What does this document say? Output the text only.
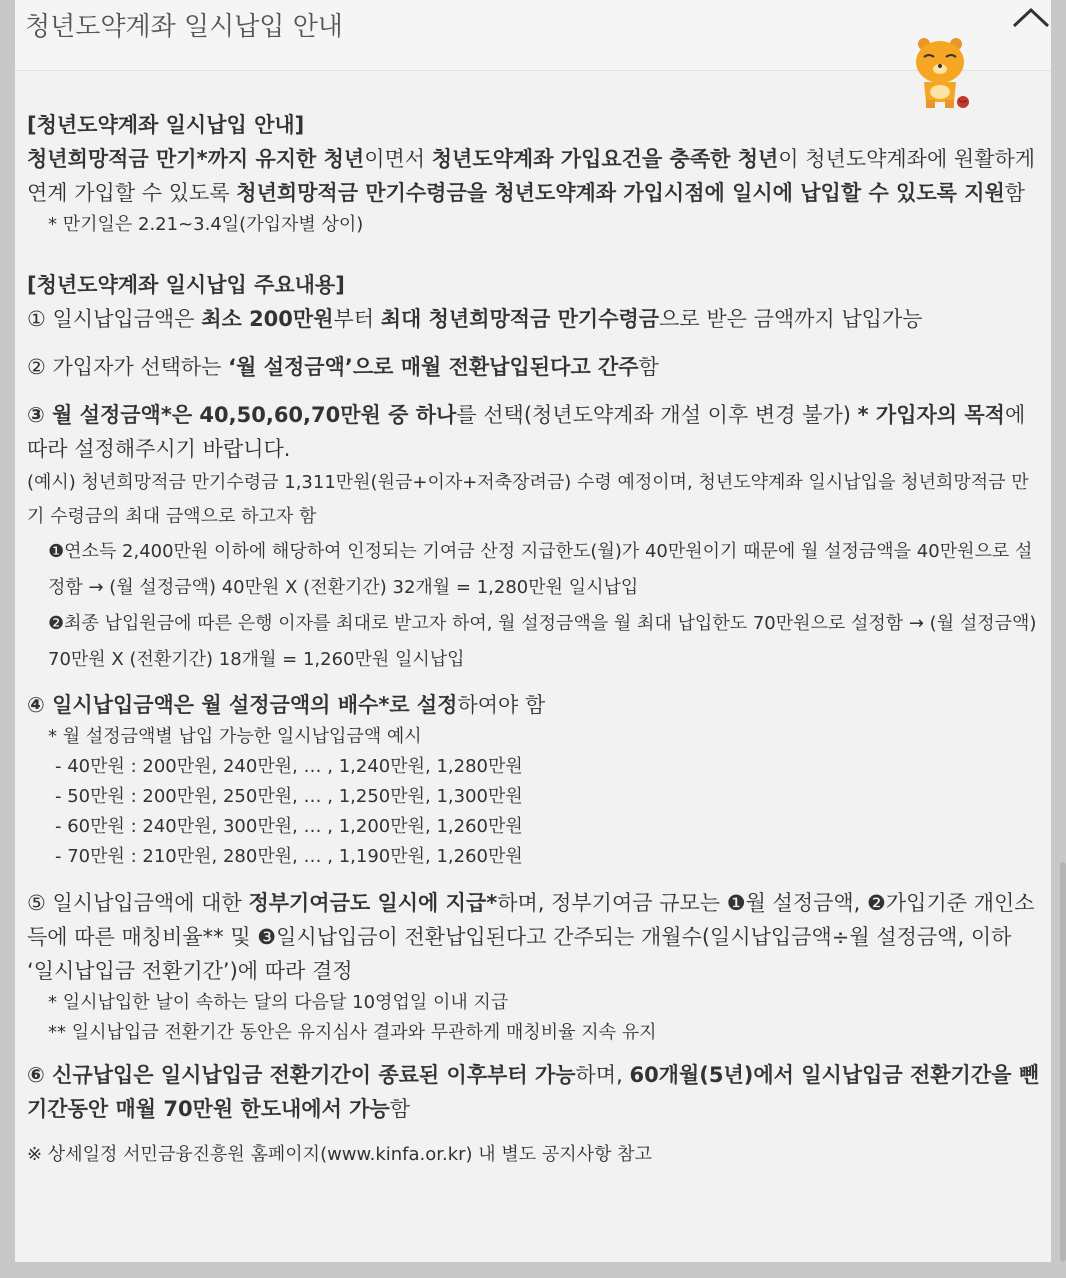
청년도약계좌 일시납입 안내

[청년도약계좌 일시납입 안내]

청년희망적금 만기*까지 유지한 청년이면서 청년도약계좌 가입요건을 충족한 청년이 청년도약계좌에 원활하게 연계 가입할 수 있도록 청년희망적금 만기수령금을 청년도약계좌 가입시점에 일시에 납입할 수 있도록 지원함

* 만기일은 2.21~3.4일(가입자별 상이)

[청년도약계좌 일시납입 주요내용]

① 일시납입금액은 최소 200만원부터 최대 청년희망적금 만기수령금으로 받은 금액까지 납입가능

② 가입자가 선택하는 ‘월 설정금액’으로 매월 전환납입된다고 간주함

③ 월 설정금액*은 40,50,60,70만원 중 하나를 선택(청년도약계좌 개설 이후 변경 불가) * 가입자의 목적에 따라 설정해주시기 바랍니다.

(예시) 청년희망적금 만기수령금 1,311만원(원금+이자+저축장려금) 수령 예정이며, 청년도약계좌 일시납입을 청년희망적금 만기 수령금의 최대 금액으로 하고자 함

❶연소득 2,400만원 이하에 해당하여 인정되는 기여금 산정 지급한도(월)가 40만원이기 때문에 월 설정금액을 40만원으로 설정함 → (월 설정금액) 40만원 X (전환기간) 32개월 = 1,280만원 일시납입

❷최종 납입원금에 따른 은행 이자를 최대로 받고자 하여, 월 설정금액을 월 최대 납입한도 70만원으로 설정함 → (월 설정금액) 70만원 X (전환기간) 18개월 = 1,260만원 일시납입

④ 일시납입금액은 월 설정금액의 배수*로 설정하여야 함

* 월 설정금액별 납입 가능한 일시납입금액 예시

- 40만원 : 200만원, 240만원, … , 1,240만원, 1,280만원

- 50만원 : 200만원, 250만원, … , 1,250만원, 1,300만원

- 60만원 : 240만원, 300만원, … , 1,200만원, 1,260만원

- 70만원 : 210만원, 280만원, … , 1,190만원, 1,260만원

⑤ 일시납입금액에 대한 정부기여금도 일시에 지급*하며, 정부기여금 규모는 ❶월 설정금액, ❷가입기준 개인소득에 따른 매칭비율** 및 ❸일시납입금이 전환납입된다고 간주되는 개월수(일시납입금액÷월 설정금액, 이하 ‘일시납입금 전환기간’)에 따라 결정

* 일시납입한 날이 속하는 달의 다음달 10영업일 이내 지급

** 일시납입금 전환기간 동안은 유지심사 결과와 무관하게 매칭비율 지속 유지

⑥ 신규납입은 일시납입금 전환기간이 종료된 이후부터 가능하며, 60개월(5년)에서 일시납입금 전환기간을 뺀 기간동안 매월 70만원 한도내에서 가능함

※ 상세일정 서민금융진흥원 홈페이지(www.kinfa.or.kr) 내 별도 공지사항 참고
